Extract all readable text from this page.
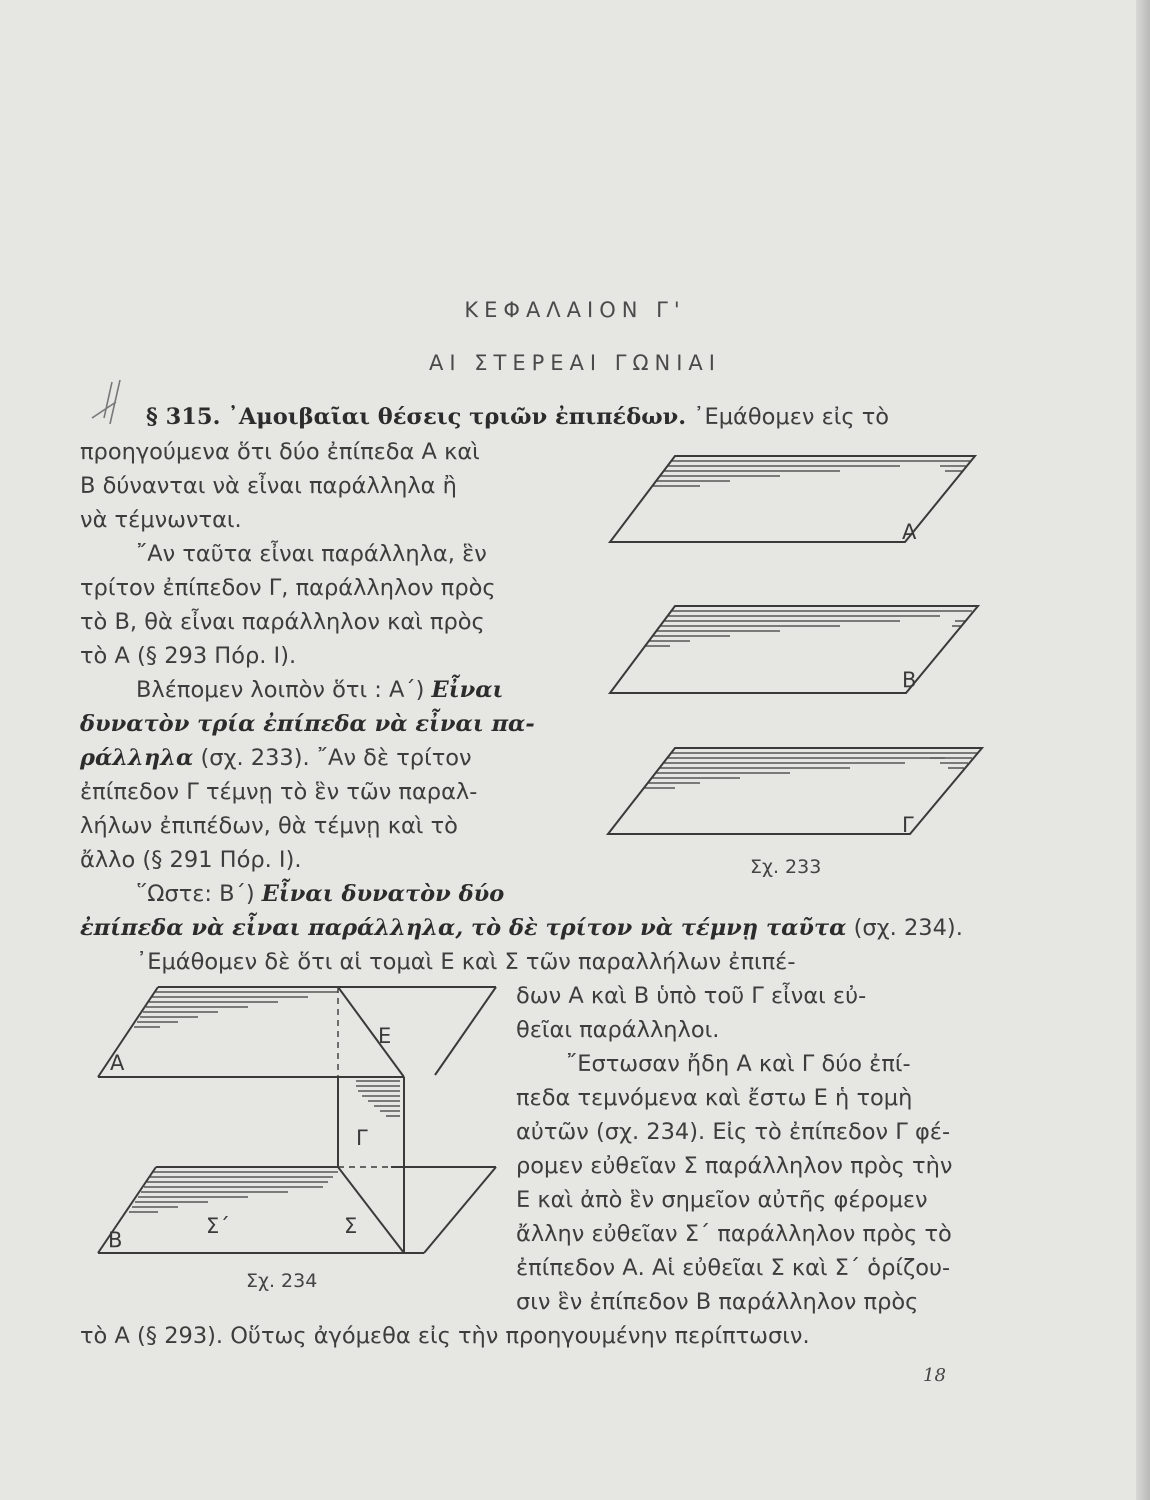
ΚΕΦΑΛΑΙΟΝ Γ'
ΑΙ ΣΤΕΡΕΑΙ ΓΩΝΙΑΙ
§ 315. ᾿Αμοιβαῖαι θέσεις τριῶν ἐπιπέδων. ᾿Εμάθομεν εἰς τὸ
προηγούμενα ὅτι δύο ἐπίπεδα Α καὶ
Β δύνανται νὰ εἶναι παράλληλα ἢ
νὰ τέμνωνται.
῎Αν ταῦτα εἶναι παράλληλα, ἓν
τρίτον ἐπίπεδον Γ, παράλληλον πρὸς
τὸ Β, θὰ εἶναι παράλληλον καὶ πρὸς
τὸ Α (§ 293 Πόρ. Ι).
Βλέπομεν λοιπὸν ὅτι : Α΄) Εἶναι
δυνατὸν τρία ἐπίπεδα νὰ εἶναι πα-
ράλληλα (σχ. 233). ῎Αν δὲ τρίτον
ἐπίπεδον Γ τέμνῃ τὸ ἓν τῶν παραλ-
λήλων ἐπιπέδων, θὰ τέμνῃ καὶ τὸ
ἄλλο (§ 291 Πόρ. Ι).
῞Ωστε: Β΄) Εἶναι δυνατὸν δύο
ἐπίπεδα νὰ εἶναι παράλληλα, τὸ δὲ τρίτον νὰ τέμνῃ ταῦτα (σχ. 234).
᾿Εμάθομεν δὲ ὅτι αἱ τομαὶ Ε καὶ Σ τῶν παραλλήλων ἐπιπέ-
δων Α καὶ Β ὑπὸ τοῦ Γ εἶναι εὐ-
θεῖαι παράλληλοι.
῎Εστωσαν ἤδη Α καὶ Γ δύο ἐπί-
πεδα τεμνόμενα καὶ ἔστω Ε ἡ τομὴ
αὐτῶν (σχ. 234). Εἰς τὸ ἐπίπεδον Γ φέ-
ρομεν εὐθεῖαν Σ παράλληλον πρὸς τὴν
Ε καὶ ἀπὸ ἓν σημεῖον αὐτῆς φέρομεν
ἄλλην εὐθεῖαν Σ΄ παράλληλον πρὸς τὸ
ἐπίπεδον Α. Αἱ εὐθεῖαι Σ καὶ Σ΄ ὁρίζου-
σιν ἓν ἐπίπεδον Β παράλληλον πρὸς
τὸ Α (§ 293). Οὕτως ἀγόμεθα εἰς τὴν προηγουμένην περίπτωσιν.
Α
Β
Γ
Σχ. 233
Α
Ε
Γ
Β
Σ΄	Σ
Σχ. 234
18
